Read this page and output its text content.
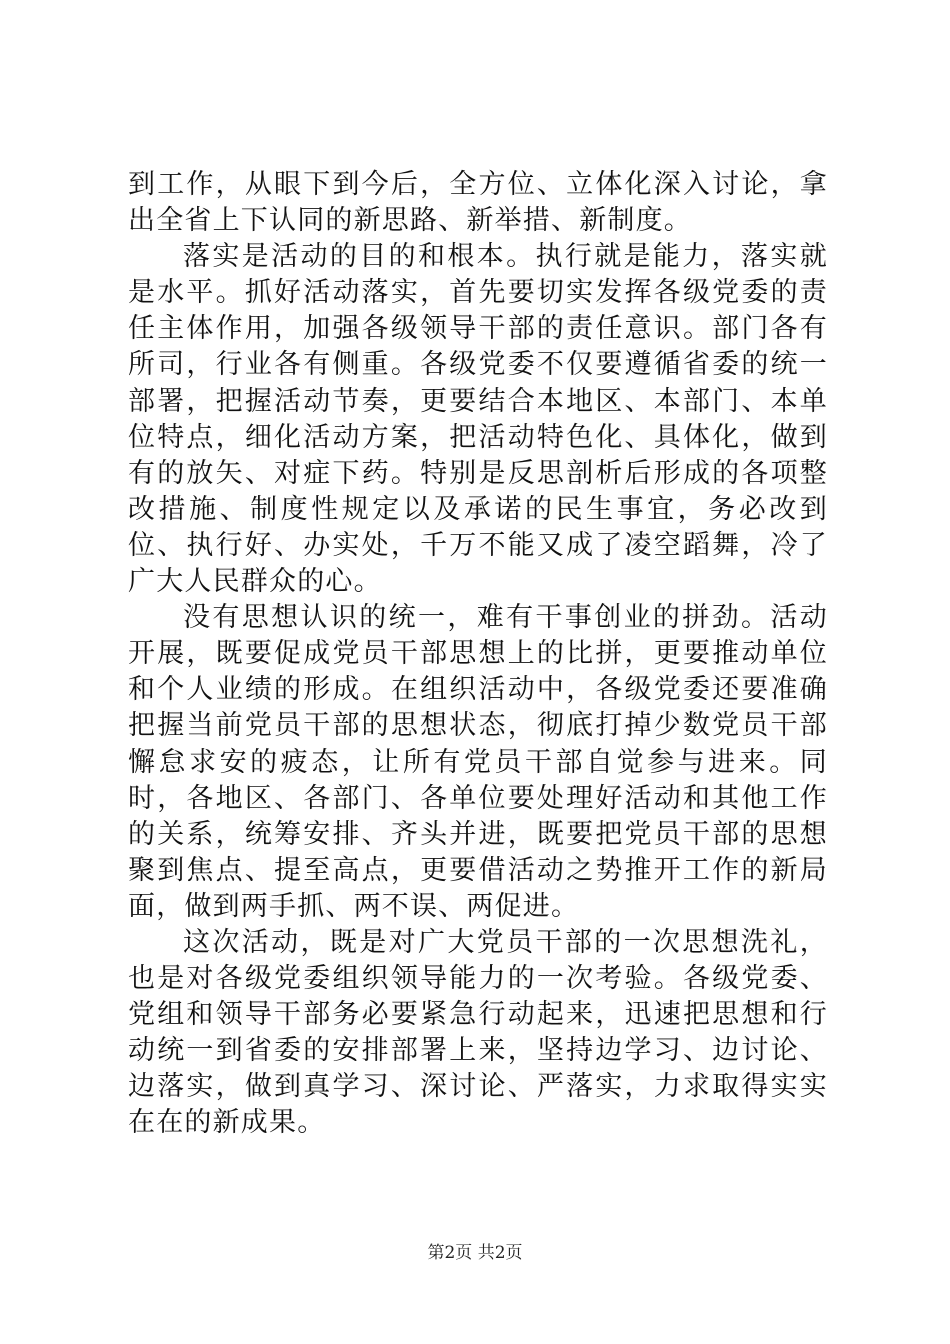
到工作，从眼下到今后，全方位、立体化深入讨论，拿出全省上下认同的新思路、新举措、新制度。

落实是活动的目的和根本。执行就是能力，落实就是水平。抓好活动落实，首先要切实发挥各级党委的责任主体作用，加强各级领导干部的责任意识。部门各有所司，行业各有侧重。各级党委不仅要遵循省委的统一部署，把握活动节奏，更要结合本地区、本部门、本单位特点，细化活动方案，把活动特色化、具体化，做到有的放矢、对症下药。特别是反思剖析后形成的各项整改措施、制度性规定以及承诺的民生事宜，务必改到位、执行好、办实处，千万不能又成了凌空蹈舞，冷了广大人民群众的心。

没有思想认识的统一，难有干事创业的拼劲。活动开展，既要促成党员干部思想上的比拼，更要推动单位和个人业绩的形成。在组织活动中，各级党委还要准确把握当前党员干部的思想状态，彻底打掉少数党员干部懈怠求安的疲态，让所有党员干部自觉参与进来。同时，各地区、各部门、各单位要处理好活动和其他工作的关系，统筹安排、齐头并进，既要把党员干部的思想聚到焦点、提至高点，更要借活动之势推开工作的新局面，做到两手抓、两不误、两促进。

这次活动，既是对广大党员干部的一次思想洗礼，也是对各级党委组织领导能力的一次考验。各级党委、党组和领导干部务必要紧急行动起来，迅速把思想和行动统一到省委的安排部署上来，坚持边学习、边讨论、边落实，做到真学习、深讨论、严落实，力求取得实实在在的新成果。

第2页 共2页
